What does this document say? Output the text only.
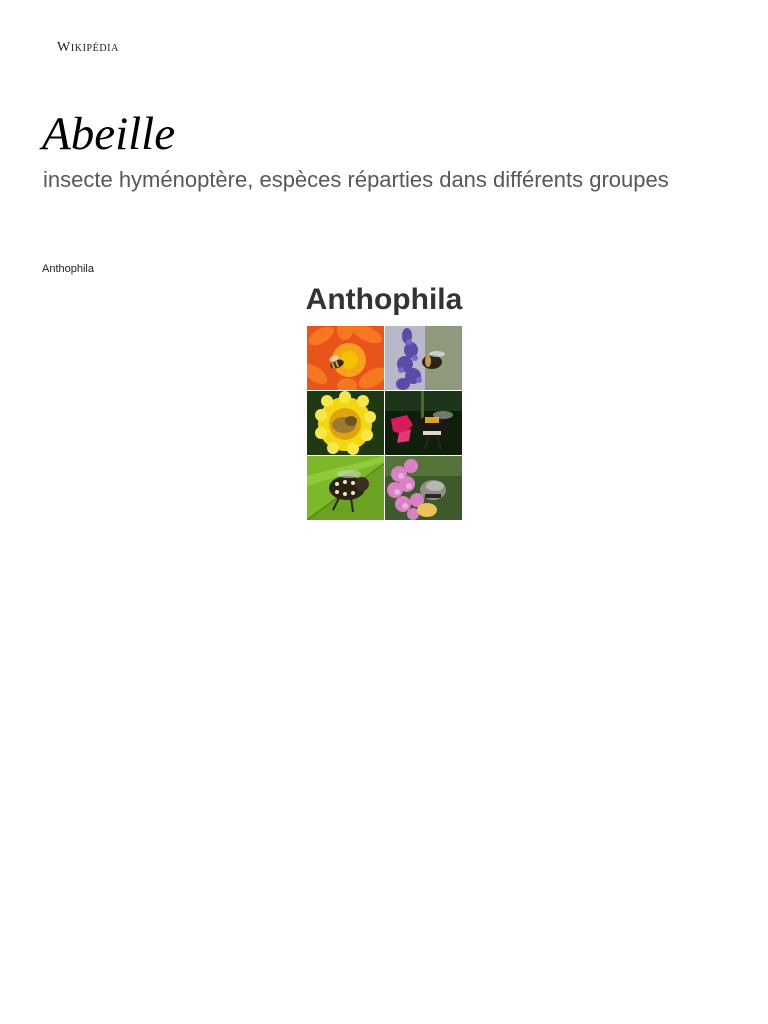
Wikipédia
Abeille
insecte hyménoptère, espèces réparties dans différents groupes
Anthophila
Anthophila
